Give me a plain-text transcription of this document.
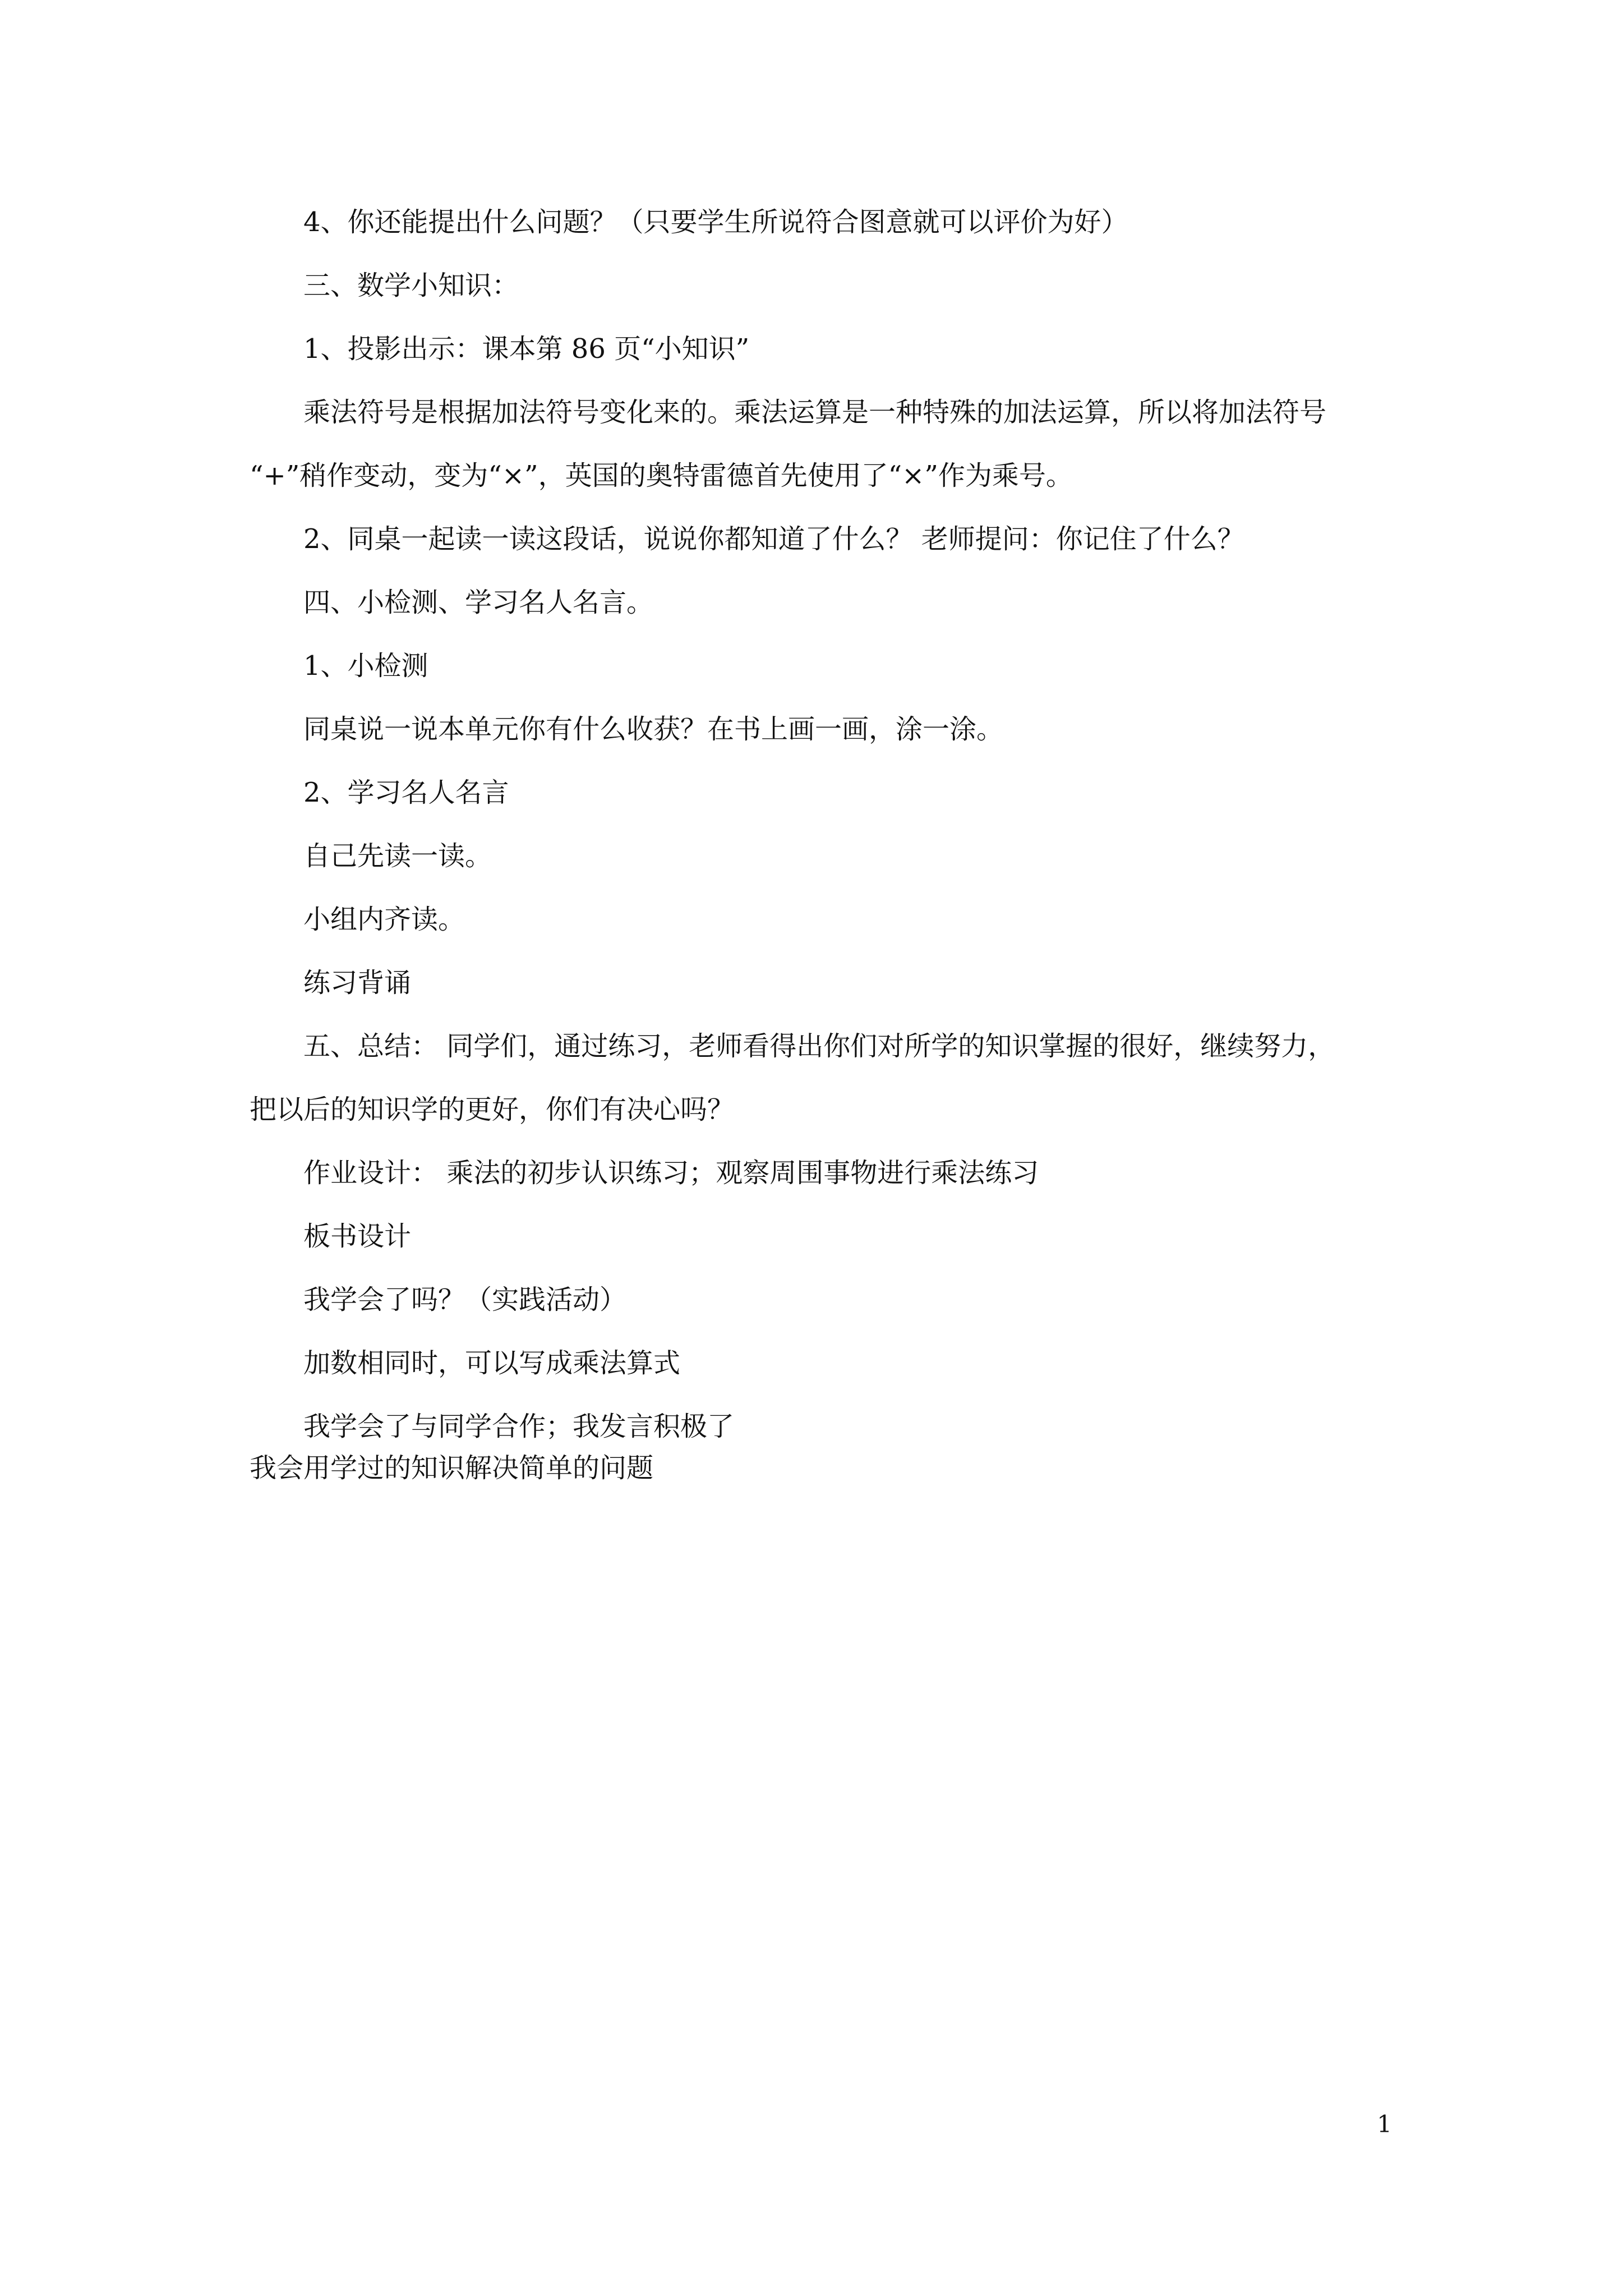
4、你还能提出什么问题？（只要学生所说符合图意就可以评价为好）

三、数学小知识：

1、投影出示：课本第 86 页“小知识”

乘法符号是根据加法符号变化来的。乘法运算是一种特殊的加法运算，所以将加法符号

“+”稍作变动，变为“×”，英国的奥特雷德首先使用了“×”作为乘号。

2、同桌一起读一读这段话，说说你都知道了什么？ 老师提问：你记住了什么？

四、小检测、学习名人名言。

1、小检测

同桌说一说本单元你有什么收获？在书上画一画，涂一涂。

2、学习名人名言

自己先读一读。

小组内齐读。

练习背诵

五、总结： 同学们，通过练习，老师看得出你们对所学的知识掌握的很好，继续努力，

把以后的知识学的更好，你们有决心吗？

作业设计： 乘法的初步认识练习；观察周围事物进行乘法练习

板书设计

我学会了吗？（实践活动）

加数相同时，可以写成乘法算式

我学会了与同学合作；我发言积极了

我会用学过的知识解决简单的问题

1
